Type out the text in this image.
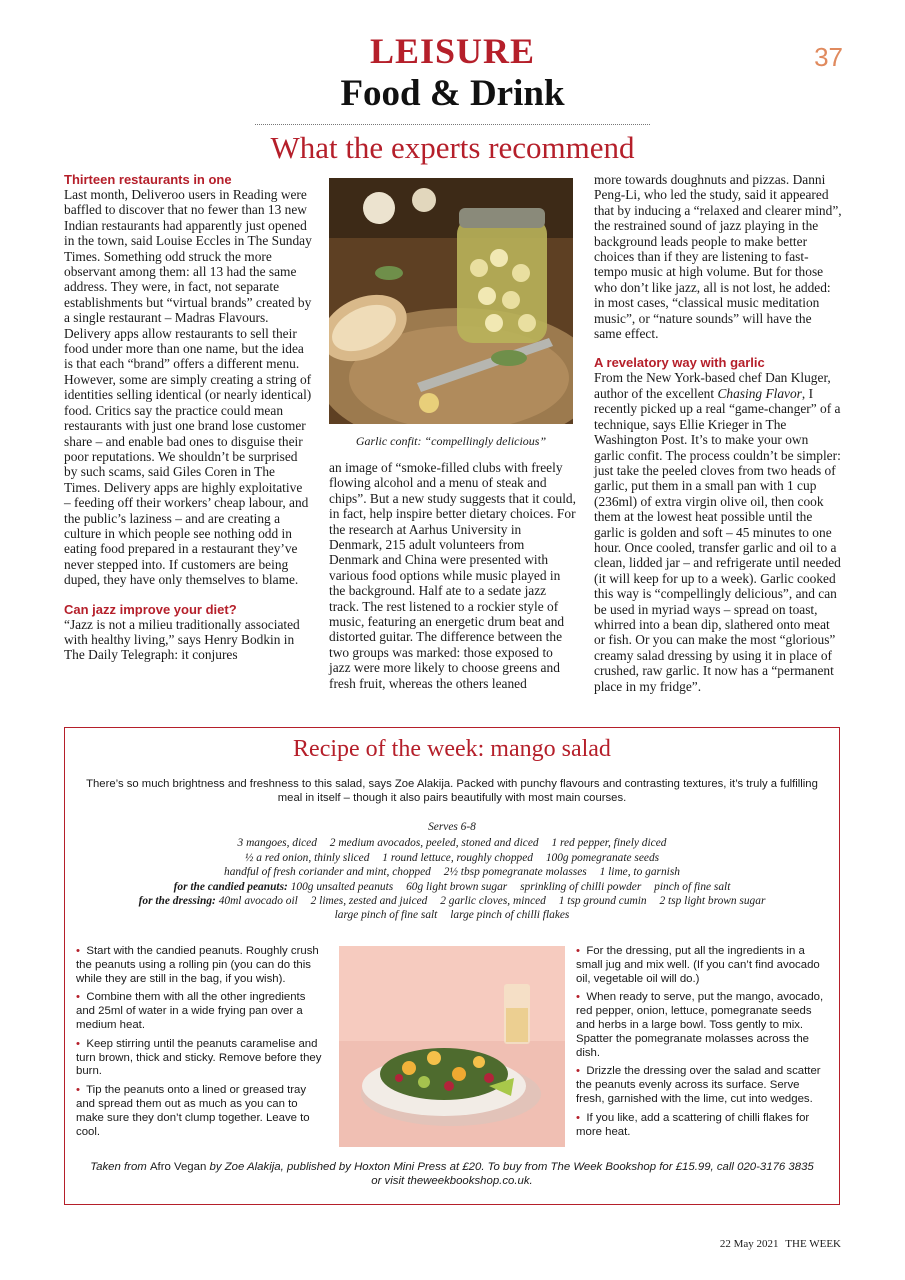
LEISURE
Food & Drink
37
What the experts recommend

Thirteen restaurants in one

Last month, Deliveroo users in Reading were baffled to discover that no fewer than 13 new Indian restaurants had apparently just opened in the town, said Louise Eccles in The Sunday Times. Something odd struck the more observant among them: all 13 had the same address. They were, in fact, not separate establishments but “virtual brands” created by a single restaurant – Madras Flavours. Delivery apps allow restaurants to sell their food under more than one name, but the idea is that each “brand” offers a different menu. However, some are simply creating a string of identities selling identical (or nearly identical) food. Critics say the practice could mean restaurants with just one brand lose customer share – and enable bad ones to disguise their poor reputations. We shouldn’t be surprised by such scams, said Giles Coren in The Times. Delivery apps are highly exploitative – feeding off their workers’ cheap labour, and the public’s laziness – and are creating a culture in which people see nothing odd in eating food prepared in a restaurant they’ve never stepped into. If customers are being duped, they have only themselves to blame.

Can jazz improve your diet?

“Jazz is not a milieu traditionally associated with healthy living,” says Henry Bodkin in The Daily Telegraph: it conjures

Garlic confit: “compellingly delicious”

an image of “smoke-filled clubs with freely flowing alcohol and a menu of steak and chips”. But a new study suggests that it could, in fact, help inspire better dietary choices. For the research at Aarhus University in Denmark, 215 adult volunteers from Denmark and China were presented with various food options while music played in the background. Half ate to a sedate jazz track. The rest listened to a rockier style of music, featuring an energetic drum beat and distorted guitar. The difference between the two groups was marked: those exposed to jazz were more likely to choose greens and fresh fruit, whereas the others leaned

more towards doughnuts and pizzas. Danni Peng-Li, who led the study, said it appeared that by inducing a “relaxed and clearer mind”, the restrained sound of jazz playing in the background leads people to make better choices than if they are listening to fast-tempo music at high volume. But for those who don’t like jazz, all is not lost, he added: in most cases, “classical music meditation music”, or “nature sounds” will have the same effect.

A revelatory way with garlic

From the New York-based chef Dan Kluger, author of the excellent Chasing Flavor, I recently picked up a real “game-changer” of a technique, says Ellie Krieger in The Washington Post. It’s to make your own garlic confit. The process couldn’t be simpler: just take the peeled cloves from two heads of garlic, put them in a small pan with 1 cup (236ml) of extra virgin olive oil, then cook them at the lowest heat possible until the garlic is golden and soft – 45 minutes to one hour. Once cooled, transfer garlic and oil to a clean, lidded jar – and refrigerate until needed (it will keep for up to a week). Garlic cooked this way is “compellingly delicious”, and can be used in myriad ways – spread on toast, whirred into a bean dip, slathered onto meat or fish. Or you can make the most “glorious” creamy salad dressing by using it in place of crushed, raw garlic. It now has a “permanent place in my fridge”.

Recipe of the week: mango salad
There’s so much brightness and freshness to this salad, says Zoe Alakija. Packed with punchy flavours and contrasting textures, it’s truly a fulfilling meal in itself – though it also pairs beautifully with most main courses.
Serves 6-8
3 mangoes, diced 2 medium avocados, peeled, stoned and diced 1 red pepper, finely diced
½ a red onion, thinly sliced 1 round lettuce, roughly chopped 100g pomegranate seeds
handful of fresh coriander and mint, chopped 2½ tbsp pomegranate molasses 1 lime, to garnish
for the candied peanuts: 100g unsalted peanuts 60g light brown sugar sprinkling of chilli powder pinch of fine salt
for the dressing: 40ml avocado oil 2 limes, zested and juiced 2 garlic cloves, minced 1 tsp ground cumin 2 tsp light brown sugar
large pinch of fine salt large pinch of chilli flakes

• Start with the candied peanuts. Roughly crush the peanuts using a rolling pin (you can do this while they are still in the bag, if you wish).

• Combine them with all the other ingredients and 25ml of water in a wide frying pan over a medium heat.

• Keep stirring until the peanuts caramelise and turn brown, thick and sticky. Remove before they burn.

• Tip the peanuts onto a lined or greased tray and spread them out as much as you can to make sure they don’t clump together. Leave to cool.

• For the dressing, put all the ingredients in a small jug and mix well. (If you can’t find avocado oil, vegetable oil will do.)

• When ready to serve, put the mango, avocado, red pepper, onion, lettuce, pomegranate seeds and herbs in a large bowl. Toss gently to mix. Spatter the pomegranate molasses across the dish.

• Drizzle the dressing over the salad and scatter the peanuts evenly across its surface. Serve fresh, garnished with the lime, cut into wedges.

• If you like, add a scattering of chilli flakes for more heat.

Taken from Afro Vegan by Zoe Alakija, published by Hoxton Mini Press at £20. To buy from The Week Bookshop for £15.99, call 020-3176 3835 or visit theweekbookshop.co.uk.
22 May 2021 THE WEEK
